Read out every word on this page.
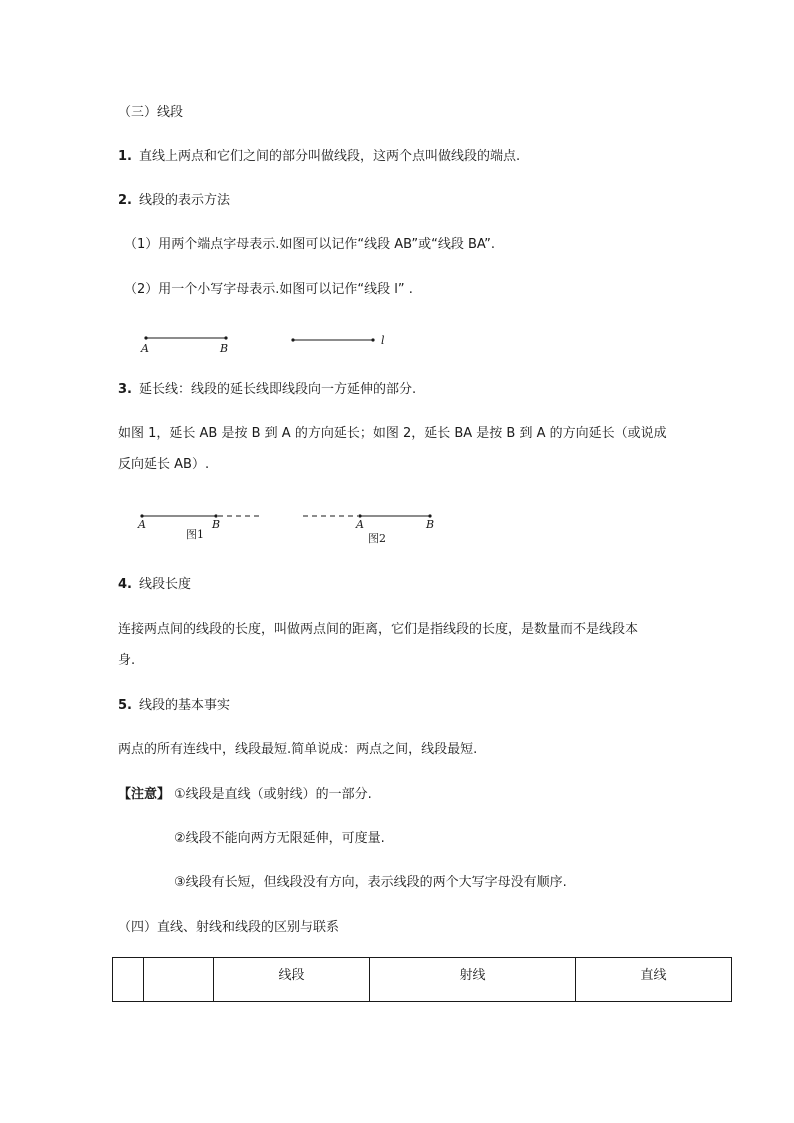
（三）线段
1. 直线上两点和它们之间的部分叫做线段，这两个点叫做线段的端点.
2. 线段的表示方法
（1）用两个端点字母表示.如图可以记作“线段 AB”或“线段 BA”.
（2）用一个小写字母表示.如图可以记作“线段 l” .
A	B
l
3. 延长线：线段的延长线即线段向一方延伸的部分.
如图 1，延长 AB 是按 B 到 A 的方向延长；如图 2，延长 BA 是按 B 到 A 的方向延长（或说成
反向延长 AB）.
A	B
图1
A	B
图2
4. 线段长度
连接两点间的线段的长度，叫做两点间的距离，它们是指线段的长度，是数量而不是线段本
身.
5. 线段的基本事实
两点的所有连线中，线段最短.简单说成：两点之间，线段最短.
【注意】 ①线段是直线（或射线）的一部分.
②线段不能向两方无限延伸，可度量.
③线段有长短，但线段没有方向，表示线段的两个大写字母没有顺序.
（四）直线、射线和线段的区别与联系
		线段	射线	直线
